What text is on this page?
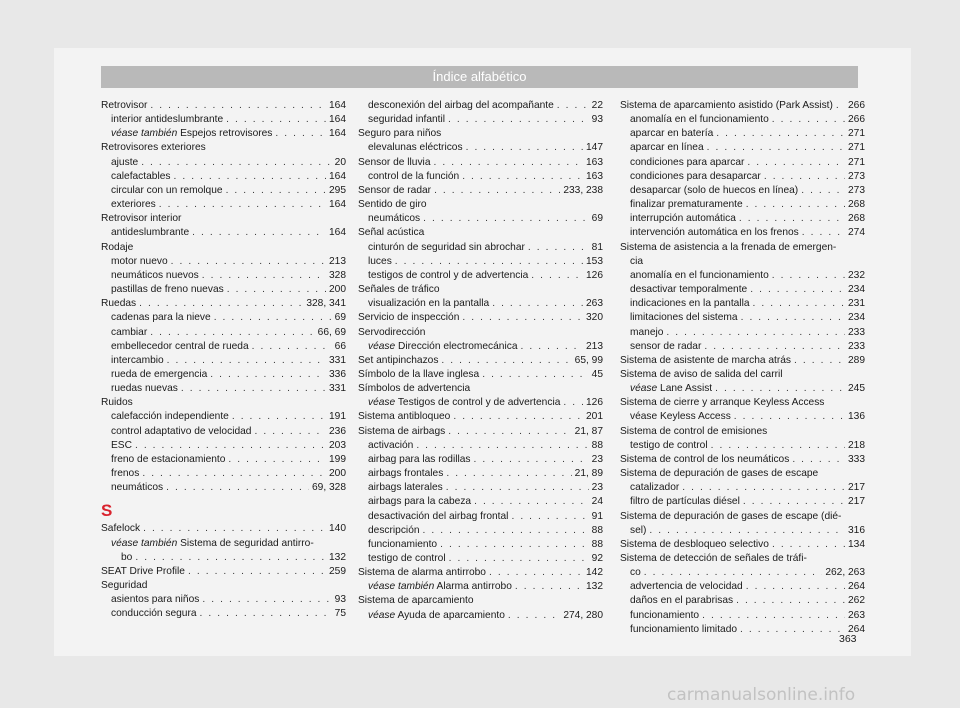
Índice alfabético
Retrovisor . . .	164
interior antideslumbrante . . .	164
véase también Espejos retrovisores . . .	164
Retrovisores exteriores
ajuste . . .	20
calefactables . . .	164
circular con un remolque . . .	295
exteriores . . .	164
Retrovisor interior
antideslumbrante . . .	164
Rodaje
motor nuevo . . .	213
neumáticos nuevos . . .	328
pastillas de freno nuevas . . .	200
Ruedas . . .	328, 341
cadenas para la nieve . . .	69
cambiar . . .	66, 69
embellecedor central de rueda . . .	66
intercambio . . .	331
rueda de emergencia . . .	336
ruedas nuevas . . .	331
Ruidos
calefacción independiente . . .	191
control adaptativo de velocidad . . .	236
ESC . . .	203
freno de estacionamiento . . .	199
frenos . . .	200
neumáticos . . .	69, 328
S
Safelock . . .	140
véase también Sistema de seguridad antirro-
bo . . .	132
SEAT Drive Profile . . .	259
Seguridad
asientos para niños . . .	93
conducción segura . . .	75
desconexión del airbag del acompañante . . .	22
seguridad infantil . . .	93
Seguro para niños
elevalunas eléctricos . . .	147
Sensor de lluvia . . .	163
control de la función . . .	163
Sensor de radar . . .	233, 238
Sentido de giro
neumáticos . . .	69
Señal acústica
cinturón de seguridad sin abrochar . . .	81
luces . . .	153
testigos de control y de advertencia . . .	126
Señales de tráfico
visualización en la pantalla . . .	263
Servicio de inspección . . .	320
Servodirección
véase Dirección electromecánica . . .	213
Set antipinchazos . . .	65, 99
Símbolo de la llave inglesa . . .	45
Símbolos de advertencia
véase Testigos de control y de advertencia . . .	126
Sistema antibloqueo . . .	201
Sistema de airbags . . .	21, 87
activación . . .	88
airbag para las rodillas . . .	23
airbags frontales . . .	21, 89
airbags laterales . . .	23
airbags para la cabeza . . .	24
desactivación del airbag frontal . . .	91
descripción . . .	88
funcionamiento . . .	88
testigo de control . . .	92
Sistema de alarma antirrobo . . .	142
véase también Alarma antirrobo . . .	132
Sistema de aparcamiento
véase Ayuda de aparcamiento . . .	274, 280
Sistema de aparcamiento asistido (Park Assist) . . . 266
anomalía en el funcionamiento . . .	266
aparcar en batería . . .	271
aparcar en línea . . .	271
condiciones para aparcar . . .	271
condiciones para desaparcar . . .	273
desaparcar (solo de huecos en línea) . . .	273
finalizar prematuramente . . .	268
interrupción automática . . .	268
intervención automática en los frenos . . .	274
Sistema de asistencia a la frenada de emergen-
cia
anomalía en el funcionamiento . . .	232
desactivar temporalmente . . .	234
indicaciones en la pantalla . . .	231
limitaciones del sistema . . .	234
manejo . . .	233
sensor de radar . . .	233
Sistema de asistente de marcha atrás . . .	289
Sistema de aviso de salida del carril
véase Lane Assist . . .	245
Sistema de cierre y arranque Keyless Access
véase Keyless Access . . .	136
Sistema de control de emisiones
testigo de control . . .	218
Sistema de control de los neumáticos . . .	333
Sistema de depuración de gases de escape
catalizador . . .	217
filtro de partículas diésel . . .	217
Sistema de depuración de gases de escape (dié-
sel) . . .	316
Sistema de desbloqueo selectivo . . .	134
Sistema de detección de señales de tráfi-
co . . .	262, 263
advertencia de velocidad . . .	264
daños en el parabrisas . . .	262
funcionamiento . . .	263
funcionamiento limitado . . .	264
363
carmanualsonline.info
